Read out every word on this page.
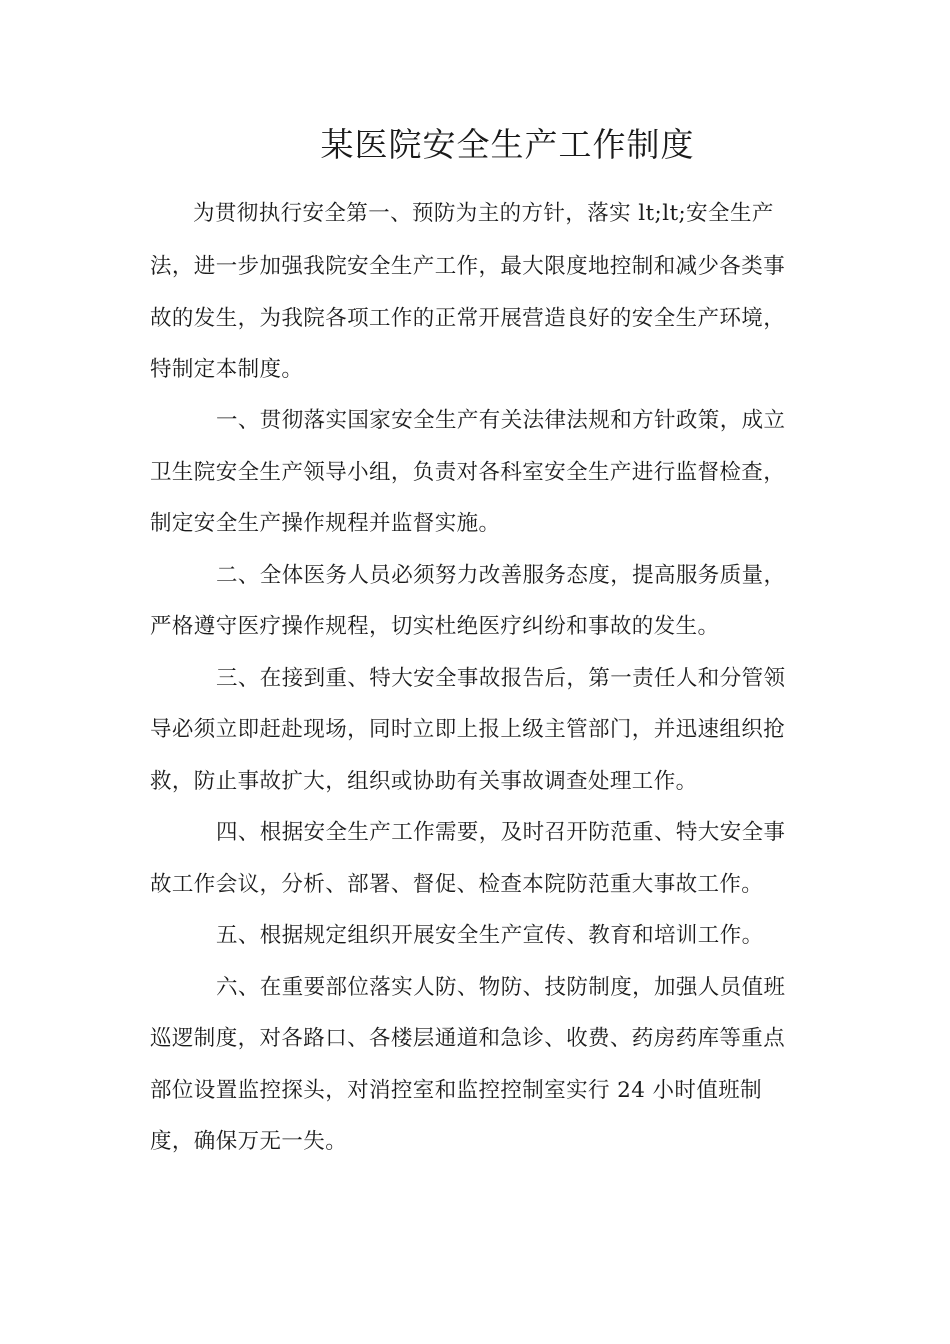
某医院安全生产工作制度
为贯彻执行安全第一、预防为主的方针，落实 lt;lt;安全生产
法，进一步加强我院安全生产工作，最大限度地控制和减少各类事
故的发生，为我院各项工作的正常开展营造良好的安全生产环境，
特制定本制度。
一、贯彻落实国家安全生产有关法律法规和方针政策，成立
卫生院安全生产领导小组，负责对各科室安全生产进行监督检查，
制定安全生产操作规程并监督实施。
二、全体医务人员必须努力改善服务态度，提高服务质量，
严格遵守医疗操作规程，切实杜绝医疗纠纷和事故的发生。
三、在接到重、特大安全事故报告后，第一责任人和分管领
导必须立即赶赴现场，同时立即上报上级主管部门，并迅速组织抢
救，防止事故扩大，组织或协助有关事故调查处理工作。
四、根据安全生产工作需要，及时召开防范重、特大安全事
故工作会议，分析、部署、督促、检查本院防范重大事故工作。
五、根据规定组织开展安全生产宣传、教育和培训工作。
六、在重要部位落实人防、物防、技防制度，加强人员值班
巡逻制度，对各路口、各楼层通道和急诊、收费、药房药库等重点
部位设置监控探头，对消控室和监控控制室实行 24 小时值班制
度，确保万无一失。
